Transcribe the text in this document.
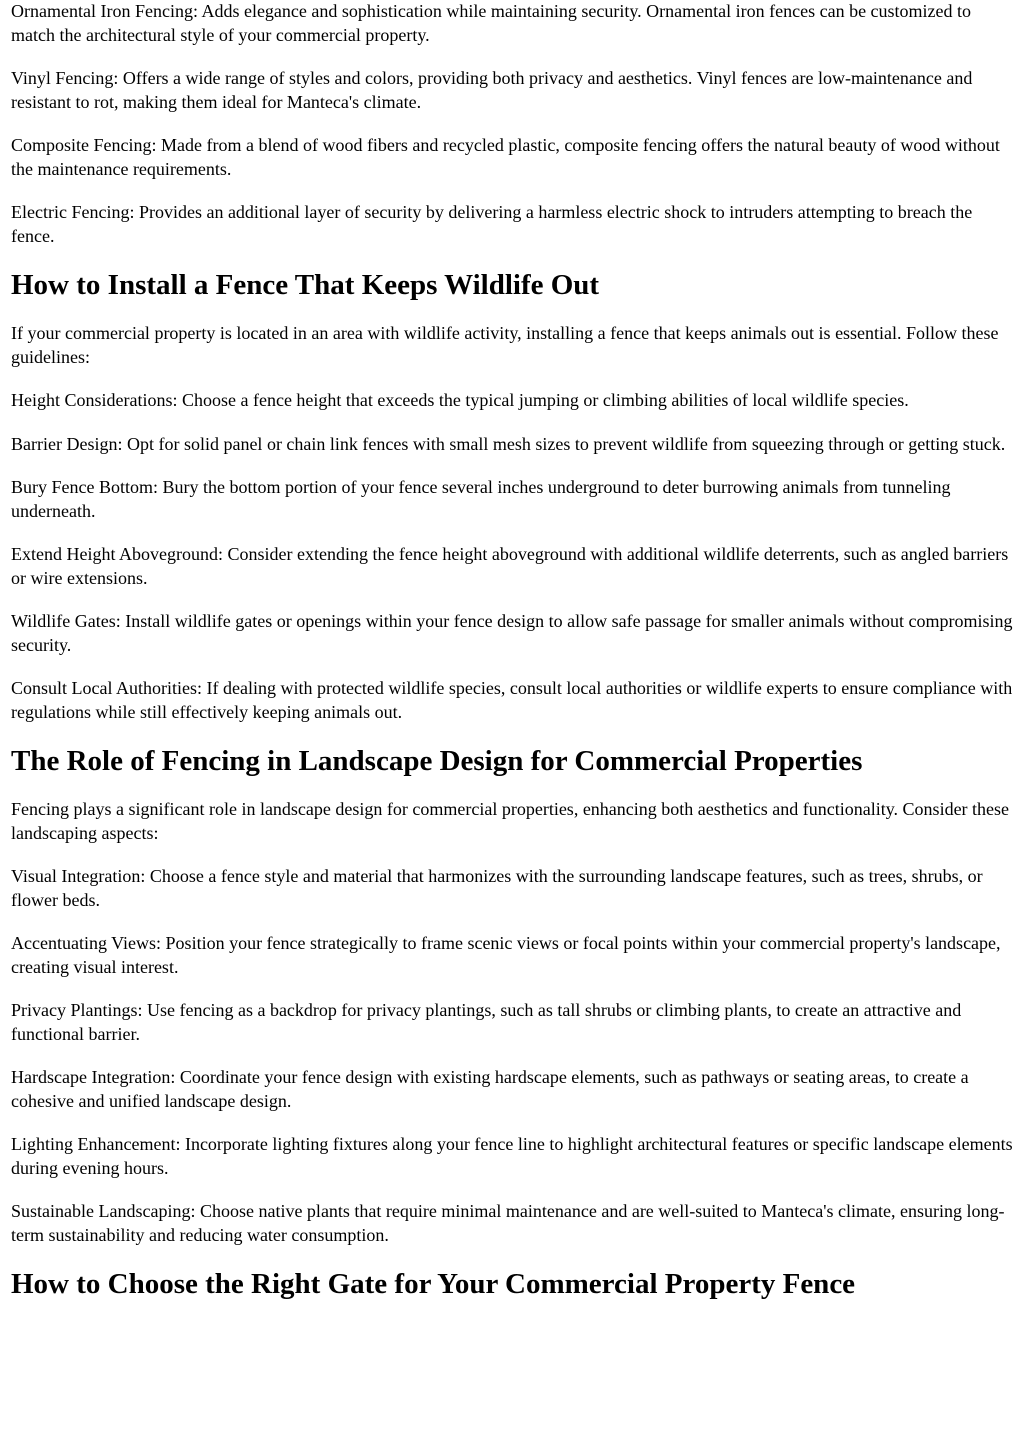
Ornamental Iron Fencing: Adds elegance and sophistication while maintaining security. Ornamental iron fences can be customized to match the architectural style of your commercial property.

Vinyl Fencing: Offers a wide range of styles and colors, providing both privacy and aesthetics. Vinyl fences are low-maintenance and resistant to rot, making them ideal for Manteca's climate.

Composite Fencing: Made from a blend of wood fibers and recycled plastic, composite fencing offers the natural beauty of wood without the maintenance requirements.

Electric Fencing: Provides an additional layer of security by delivering a harmless electric shock to intruders attempting to breach the fence.

How to Install a Fence That Keeps Wildlife Out

If your commercial property is located in an area with wildlife activity, installing a fence that keeps animals out is essential. Follow these guidelines:

Height Considerations: Choose a fence height that exceeds the typical jumping or climbing abilities of local wildlife species.

Barrier Design: Opt for solid panel or chain link fences with small mesh sizes to prevent wildlife from squeezing through or getting stuck.

Bury Fence Bottom: Bury the bottom portion of your fence several inches underground to deter burrowing animals from tunneling underneath.

Extend Height Aboveground: Consider extending the fence height aboveground with additional wildlife deterrents, such as angled barriers or wire extensions.

Wildlife Gates: Install wildlife gates or openings within your fence design to allow safe passage for smaller animals without compromising security.

Consult Local Authorities: If dealing with protected wildlife species, consult local authorities or wildlife experts to ensure compliance with regulations while still effectively keeping animals out.

The Role of Fencing in Landscape Design for Commercial Properties

Fencing plays a significant role in landscape design for commercial properties, enhancing both aesthetics and functionality. Consider these landscaping aspects:

Visual Integration: Choose a fence style and material that harmonizes with the surrounding landscape features, such as trees, shrubs, or flower beds.

Accentuating Views: Position your fence strategically to frame scenic views or focal points within your commercial property's landscape, creating visual interest.

Privacy Plantings: Use fencing as a backdrop for privacy plantings, such as tall shrubs or climbing plants, to create an attractive and functional barrier.

Hardscape Integration: Coordinate your fence design with existing hardscape elements, such as pathways or seating areas, to create a cohesive and unified landscape design.

Lighting Enhancement: Incorporate lighting fixtures along your fence line to highlight architectural features or specific landscape elements during evening hours.

Sustainable Landscaping: Choose native plants that require minimal maintenance and are well-suited to Manteca's climate, ensuring long-term sustainability and reducing water consumption.

How to Choose the Right Gate for Your Commercial Property Fence
